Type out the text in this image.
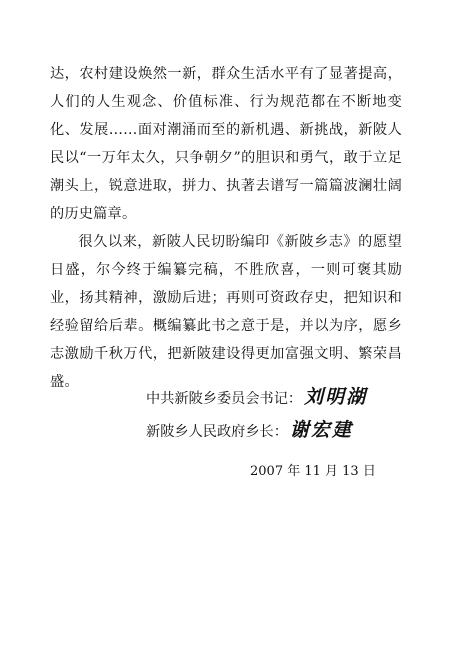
达，农村建设焕然一新，群众生活水平有了显著提高，人们的人生观念、价值标准、行为规范都在不断地变化、发展……面对潮涌而至的新机遇、新挑战，新陂人民以“一万年太久，只争朝夕”的胆识和勇气，敢于立足潮头上，锐意进取，拼力、执著去谱写一篇篇波澜壮阔的历史篇章。

很久以来，新陂人民切盼编印《新陂乡志》的愿望日盛，尔今终于编纂完稿，不胜欣喜，一则可褒其励业，扬其精神，激励后进；再则可资政存史，把知识和经验留给后辈。概编纂此书之意于是，并以为序，愿乡志激励千秋万代，把新陂建设得更加富强文明、繁荣昌盛。

中共新陂乡委员会书记： 刘明湖
新陂乡人民政府乡长： 谢宏建
2007 年 11 月 13 日
